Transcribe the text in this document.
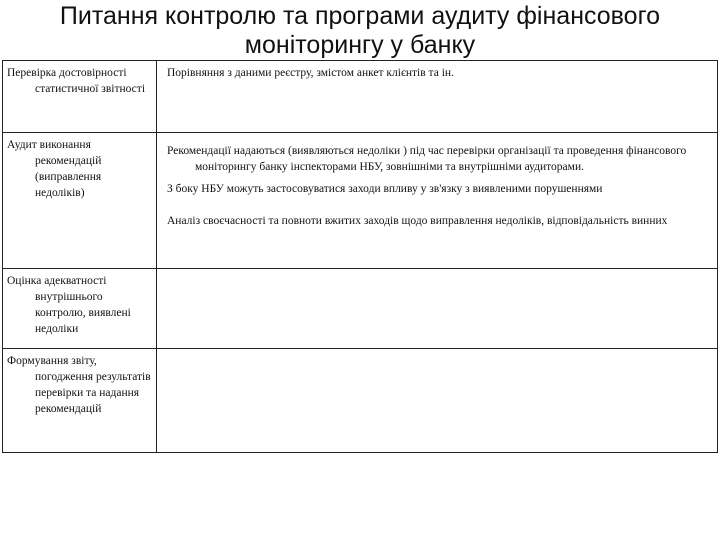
Питання контролю та програми аудиту фінансового моніторингу у банку

Перевірка достовірності статистичної звітності	Порівняння з даними реєстру, змістом анкет клієнтів та ін.

Аудит виконання рекомендацій (виправлення недоліків)	Рекомендації надаються (виявляються недоліки ) під час перевірки організації та проведення фінансового моніторингу банку інспекторами НБУ, зовнішніми та внутрішніми аудиторами.

З боку НБУ можуть застосовуватися заходи впливу у зв'язку з виявленими порушеннями

Аналіз своєчасності та повноти вжитих заходів щодо виправлення недоліків, відповідальність винних

Оцінка адекватності внутрішнього контролю, виявлені недоліки	

Формування звіту, погодження результатів перевірки та надання рекомендацій	
